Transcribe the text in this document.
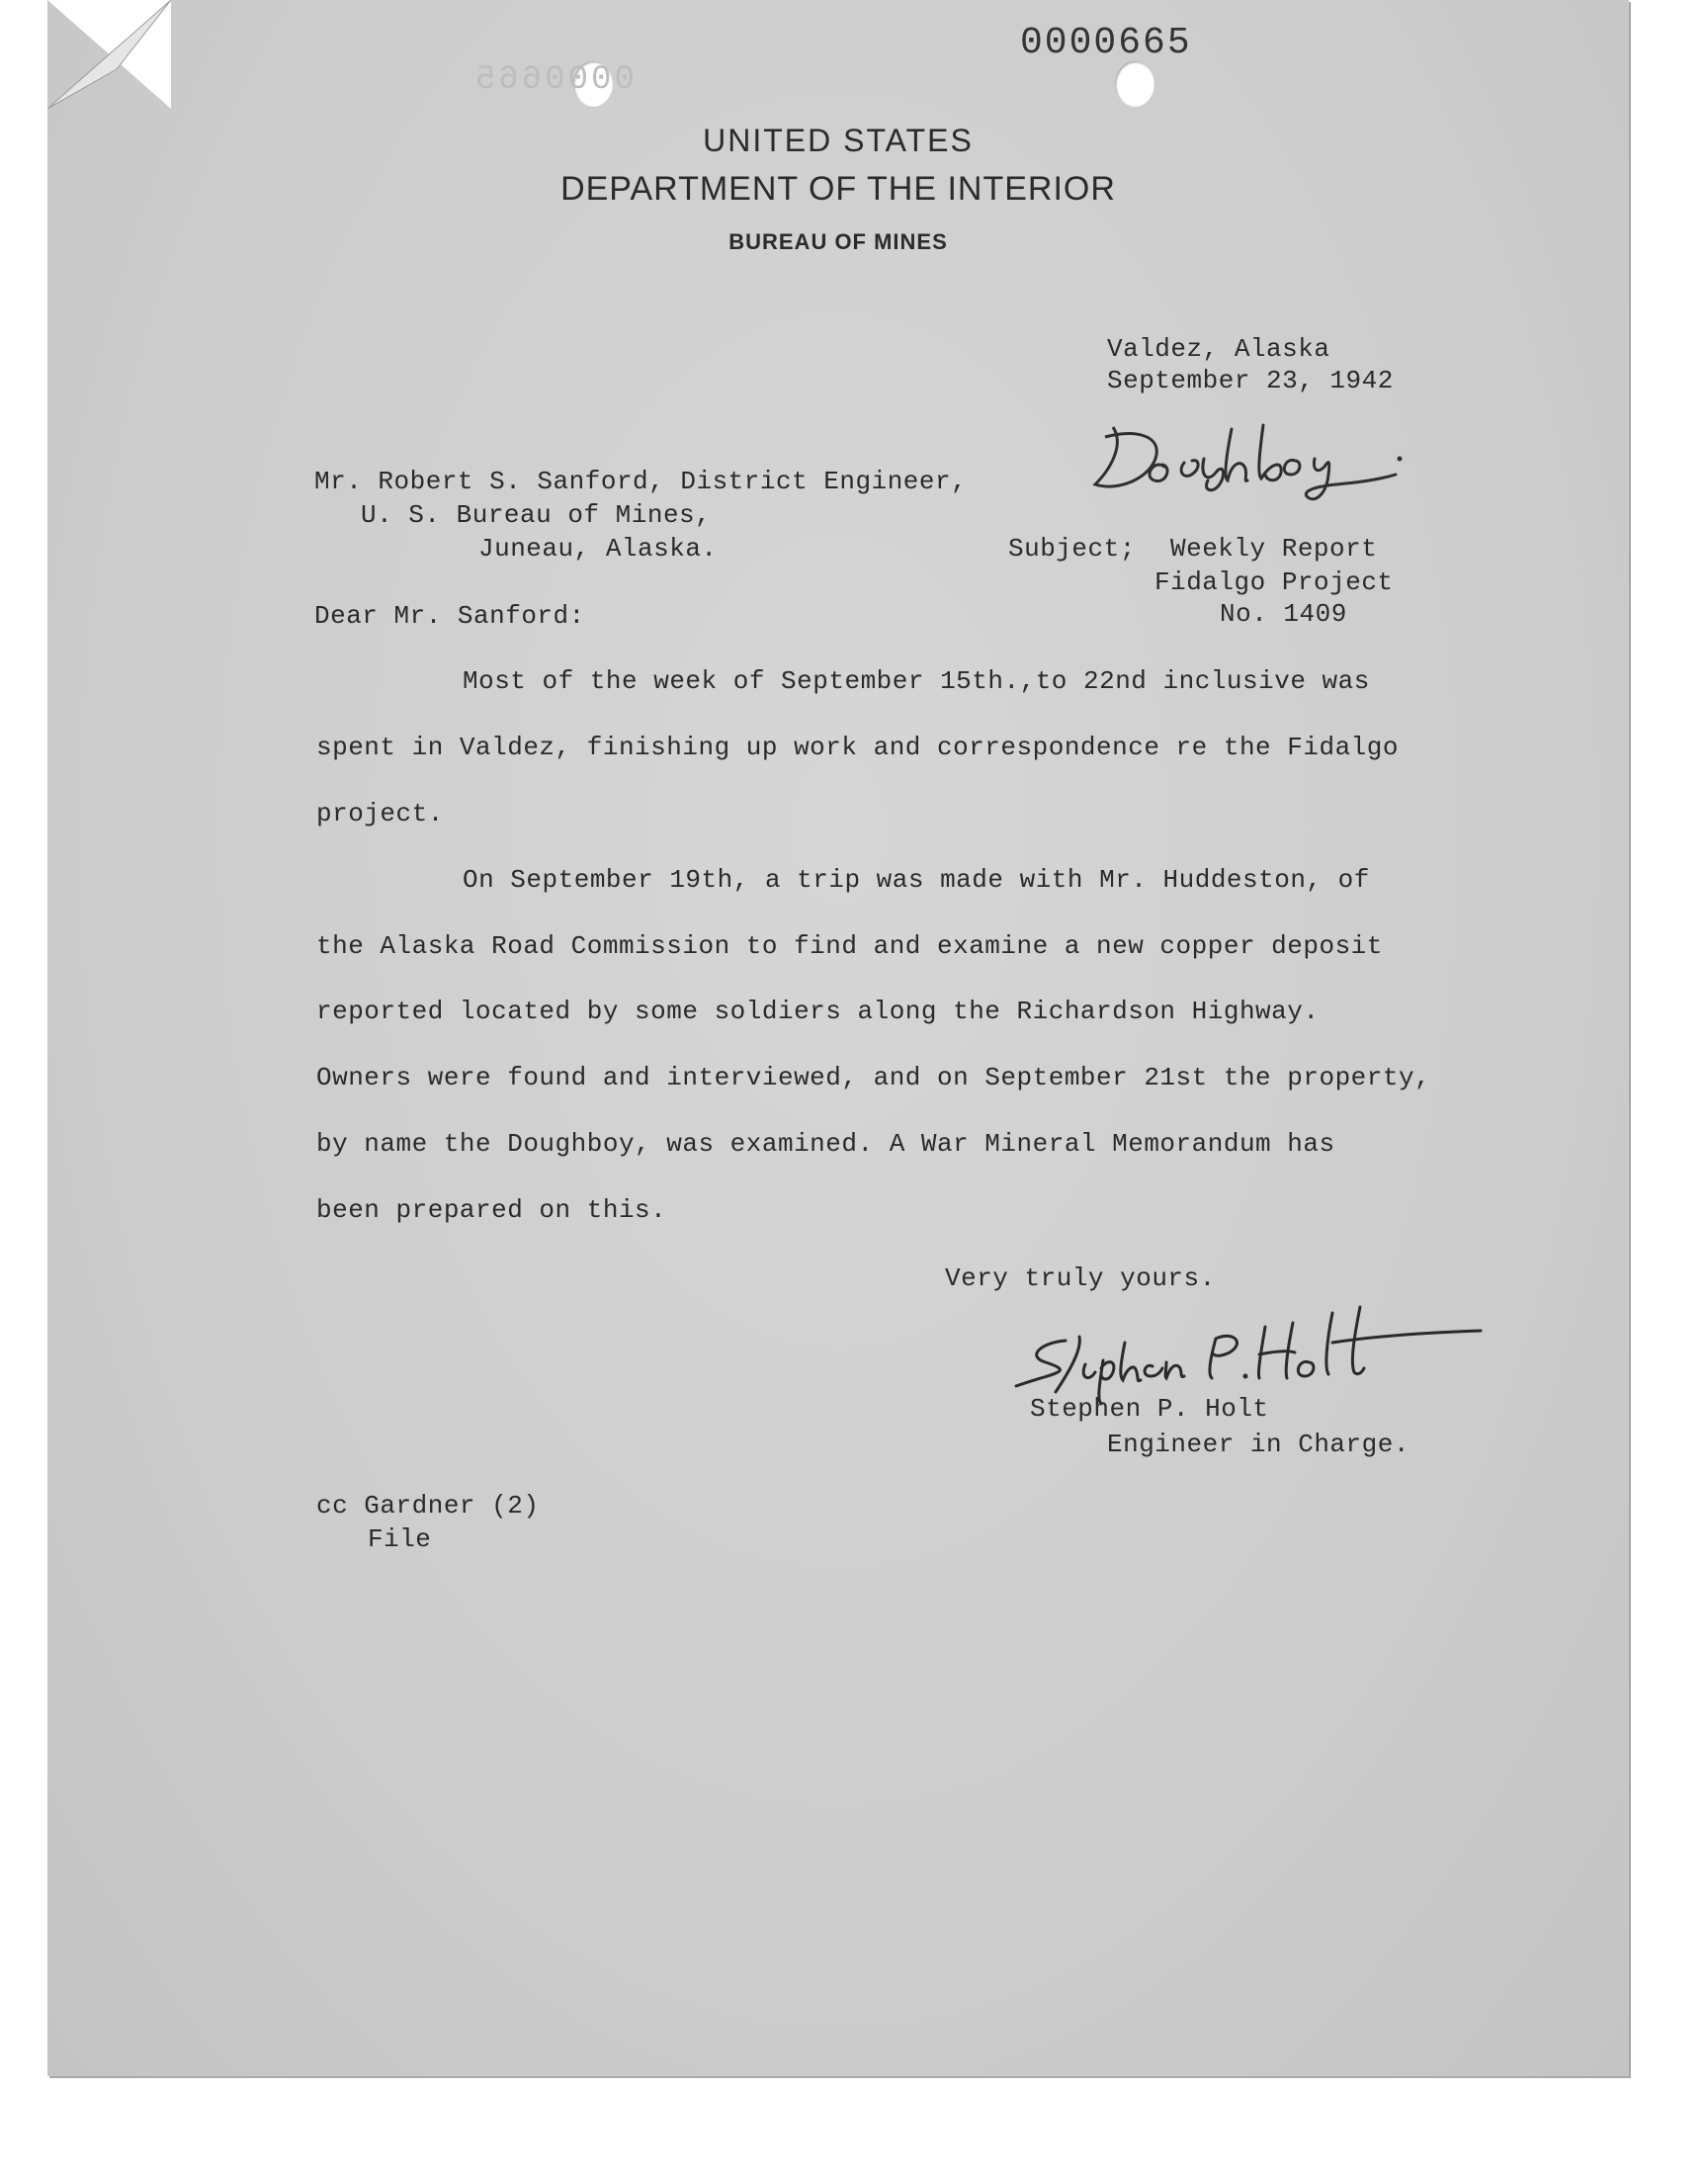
0000665
0000665
UNITED STATES
DEPARTMENT OF THE INTERIOR
BUREAU OF MINES
Valdez, Alaska
September 23, 1942
Doughboy
Mr. Robert S. Sanford, District Engineer,
U. S. Bureau of Mines,
Juneau, Alaska.	Subject; Weekly Report
Fidalgo Project
No. 1409
Dear Mr. Sanford:
Most of the week of September 15th.,to 22nd inclusive was
spent in Valdez, finishing up work and correspondence re the Fidalgo
project.
On September 19th, a trip was made with Mr. Huddeston, of
the Alaska Road Commission to find and examine a new copper deposit
reported located by some soldiers along the Richardson Highway.
Owners were found and interviewed, and on September 21st the property,
by name the Doughboy, was examined. A War Mineral Memorandum has
been prepared on this.
Very truly yours.
Stephen P. Holt
Stephen P. Holt
Engineer in Charge.
cc Gardner (2)
File
